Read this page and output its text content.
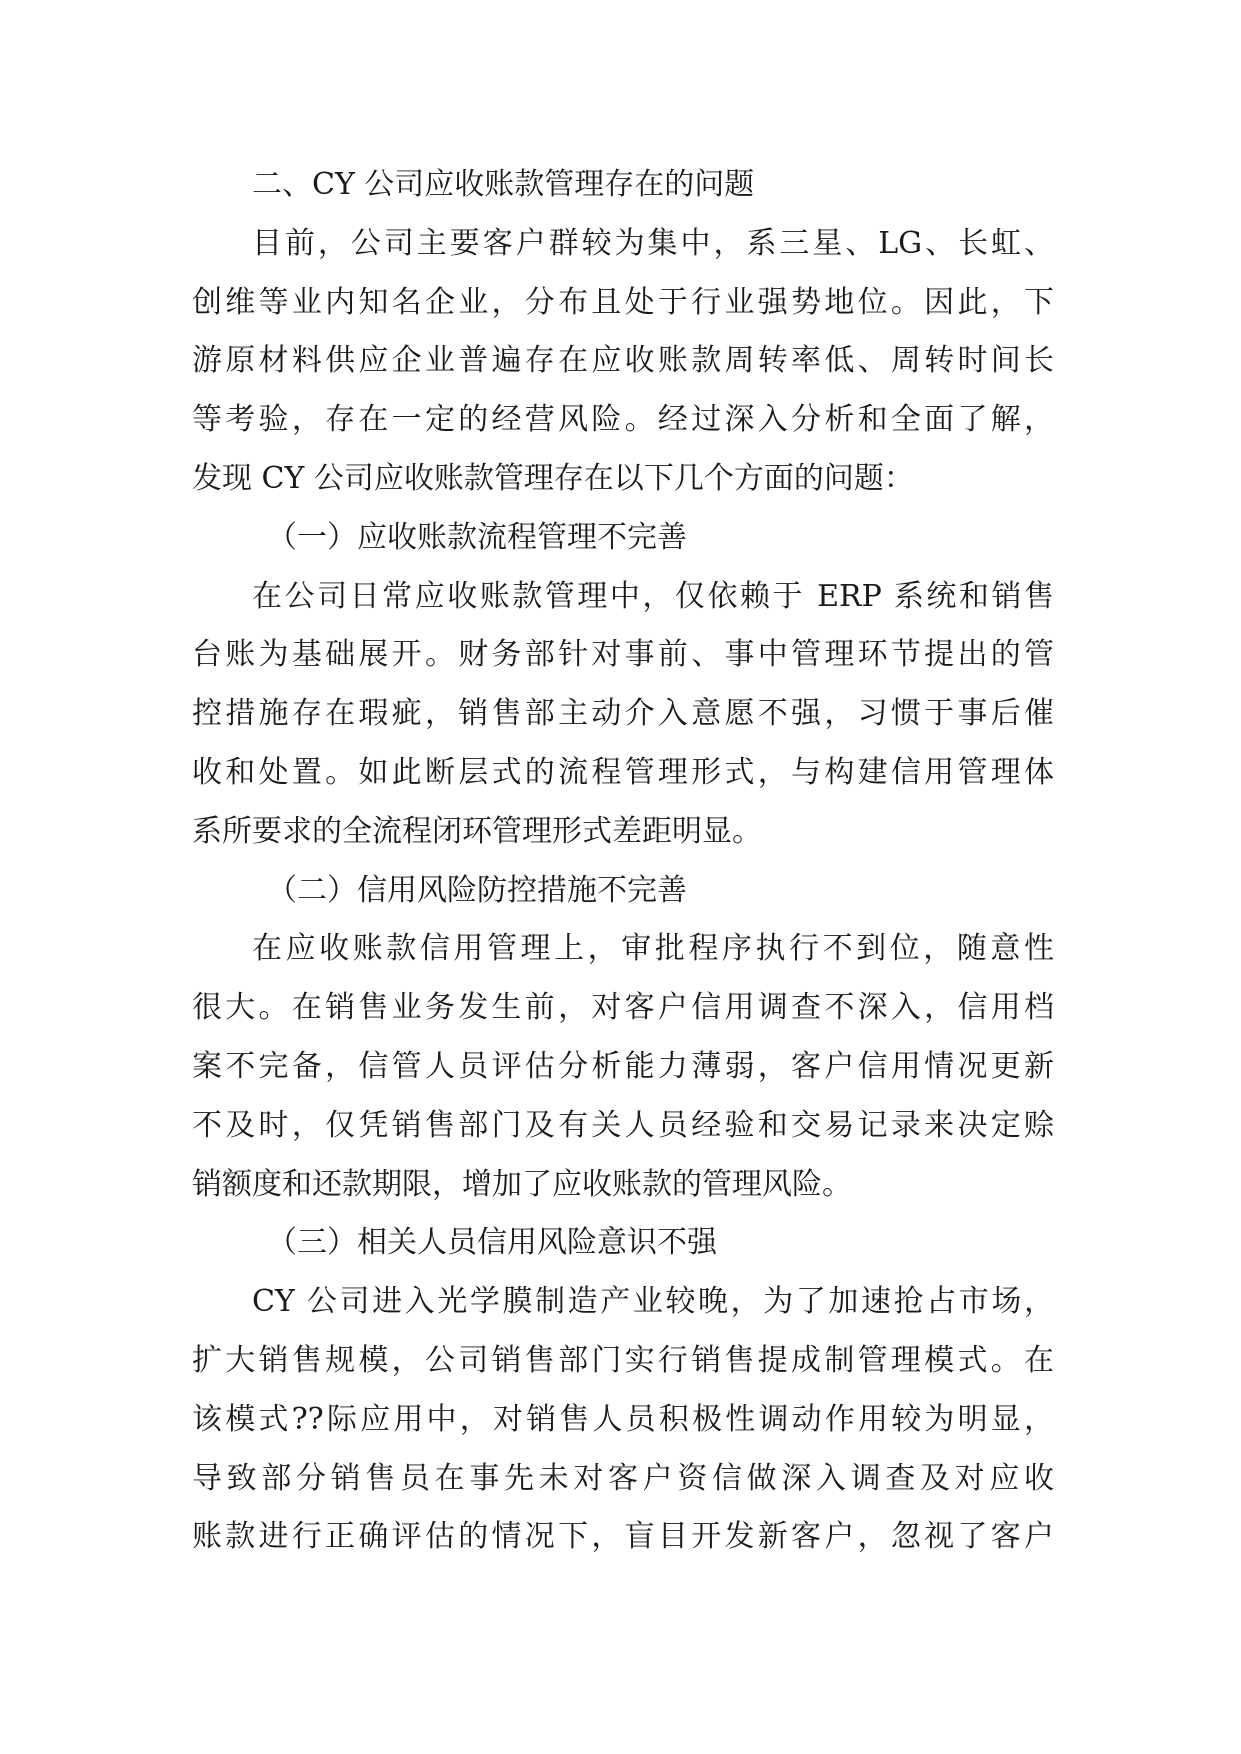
二、CY 公司应收账款管理存在的问题
目前，公司主要客户群较为集中，系三星、LG、长虹、
创维等业内知名企业，分布且处于行业强势地位。因此，下
游原材料供应企业普遍存在应收账款周转率低、周转时间长
等考验，存在一定的经营风险。经过深入分析和全面了解，
发现 CY 公司应收账款管理存在以下几个方面的问题：
（一）应收账款流程管理不完善
在公司日常应收账款管理中，仅依赖于 ERP 系统和销售
台账为基础展开。财务部针对事前、事中管理环节提出的管
控措施存在瑕疵，销售部主动介入意愿不强，习惯于事后催
收和处置。如此断层式的流程管理形式，与构建信用管理体
系所要求的全流程闭环管理形式差距明显。
（二）信用风险防控措施不完善
在应收账款信用管理上，审批程序执行不到位，随意性
很大。在销售业务发生前，对客户信用调查不深入，信用档
案不完备，信管人员评估分析能力薄弱，客户信用情况更新
不及时，仅凭销售部门及有关人员经验和交易记录来决定赊
销额度和还款期限，增加了应收账款的管理风险。
（三）相关人员信用风险意识不强
CY 公司进入光学膜制造产业较晚，为了加速抢占市场，
扩大销售规模，公司销售部门实行销售提成制管理模式。在
该模式??际应用中，对销售人员积极性调动作用较为明显，
导致部分销售员在事先未对客户资信做深入调查及对应收
账款进行正确评估的情况下，盲目开发新客户，忽视了客户
